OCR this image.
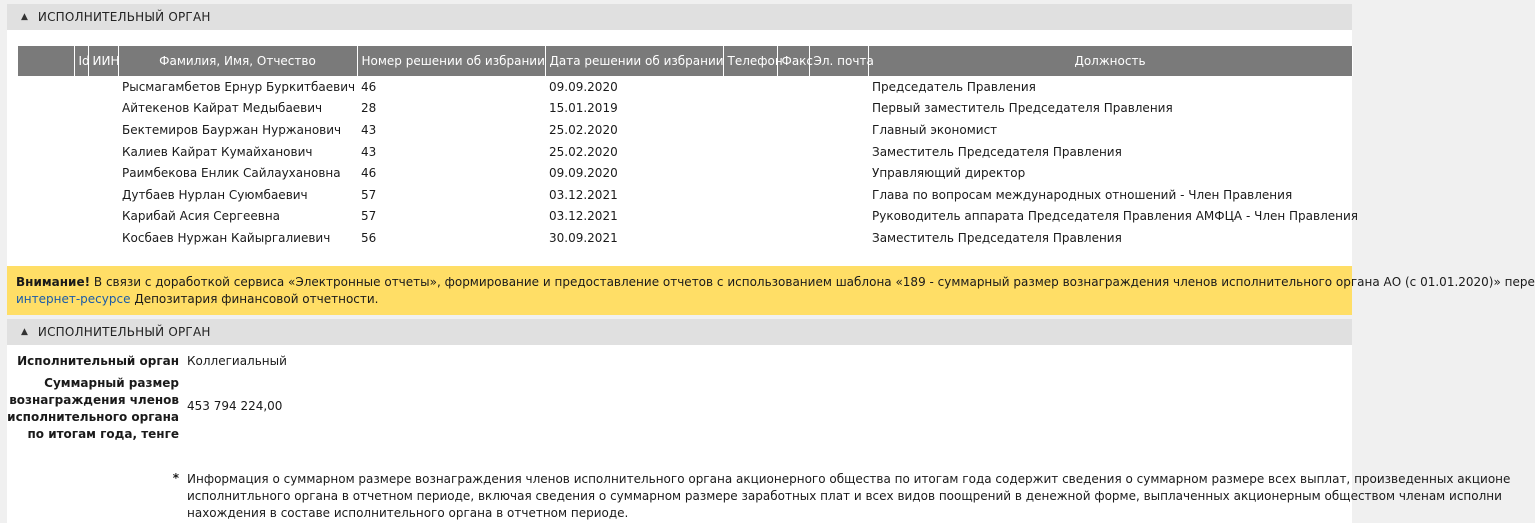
▲ ИСПОЛНИТЕЛЬНЫЙ ОРГАН
	Id	ИИН	Фамилия, Имя, Отчество	Номер решении об избрании	Дата решении об избрании	Телефон	Факс	Эл. почта	Должность
			Рысмагамбетов Ернур Буркитбаевич	46	09.09.2020				Председатель Правления
			Айтекенов Кайрат Медыбаевич	28	15.01.2019				Первый заместитель Председателя Правления
			Бектемиров Бауржан Нуржанович	43	25.02.2020				Главный экономист
			Калиев Кайрат Кумайханович	43	25.02.2020				Заместитель Председателя Правления
			Раимбекова Енлик Сайлаухановна	46	09.09.2020				Управляющий директор
			Дутбаев Нурлан Суюмбаевич	57	03.12.2021				Глава по вопросам международных отношений - Член Правления
			Карибай Асия Сергеевна	57	03.12.2021				Руководитель аппарата Председателя Правления АМФЦА - Член Правления
			Косбаев Нуржан Кайыргалиевич	56	30.09.2021				Заместитель Председателя Правления
Внимание! В связи с доработкой сервиса «Электронные отчеты», формирование и предоставление отчетов с использованием шаблона «189 - суммарный размер вознаграждения членов исполнительного органа АО (с 01.01.2020)» пере
интернет-ресурсе Депозитария финансовой отчетности.
▲ ИСПОЛНИТЕЛЬНЫЙ ОРГАН
Исполнительный орган Коллегиальный
Суммарный размер вознаграждения членов исполнительного органа по итогам года, тенге
453 794 224,00
* Информация о суммарном размере вознаграждения членов исполнительного органа акционерного общества по итогам года содержит сведения о суммарном размере всех выплат, произведенных акционе
исполнитльного органа в отчетном периоде, включая сведения о суммарном размере заработных плат и всех видов поощрений в денежной форме, выплаченных акционерным обществом членам исполни
нахождения в составе исполнительного органа в отчетном периоде.
